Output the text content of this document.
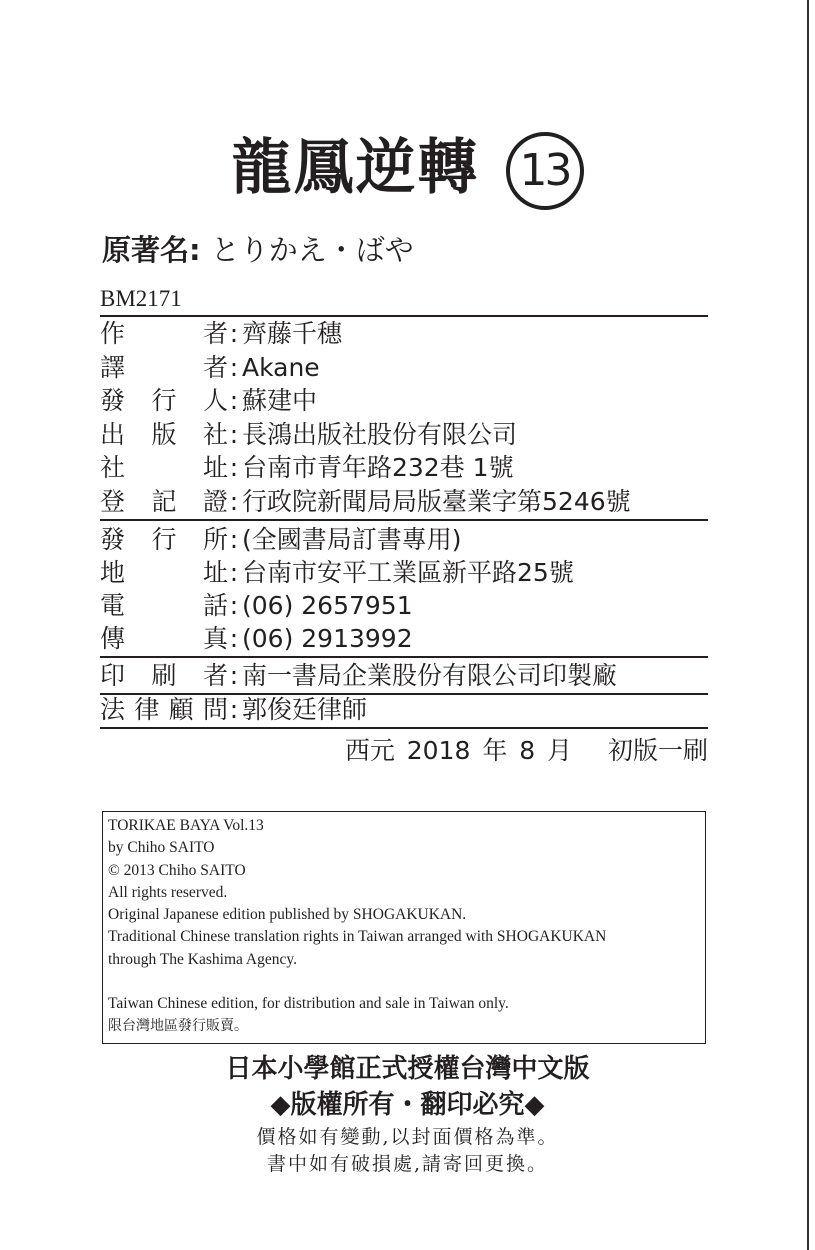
龍鳳逆轉 13
原著名: とりかえ・ばや
BM2171
作者: 齊藤千穗
譯者: Akane
發行人: 蘇建中
出版社: 長鴻出版社股份有限公司
社址: 台南市青年路232巷 1號
登記證: 行政院新聞局局版臺業字第5246號
發行所: (全國書局訂書專用)
地址: 台南市安平工業區新平路25號
電話: (06) 2657951
傳真: (06) 2913992
印刷者: 南一書局企業股份有限公司印製廠
法律顧問: 郭俊廷律師
西元 2018 年 8 月   初版一刷
TORIKAE BAYA Vol.13
by Chiho SAITO
© 2013 Chiho SAITO
All rights reserved.
Original Japanese edition published by SHOGAKUKAN.
Traditional Chinese translation rights in Taiwan arranged with SHOGAKUKAN
through The Kashima Agency.
Taiwan Chinese edition, for distribution and sale in Taiwan only.
限台灣地區發行販賣。
日本小學館正式授權台灣中文版
◆版權所有・翻印必究◆
價格如有變動,以封面價格為準。
書中如有破損處,請寄回更換。
